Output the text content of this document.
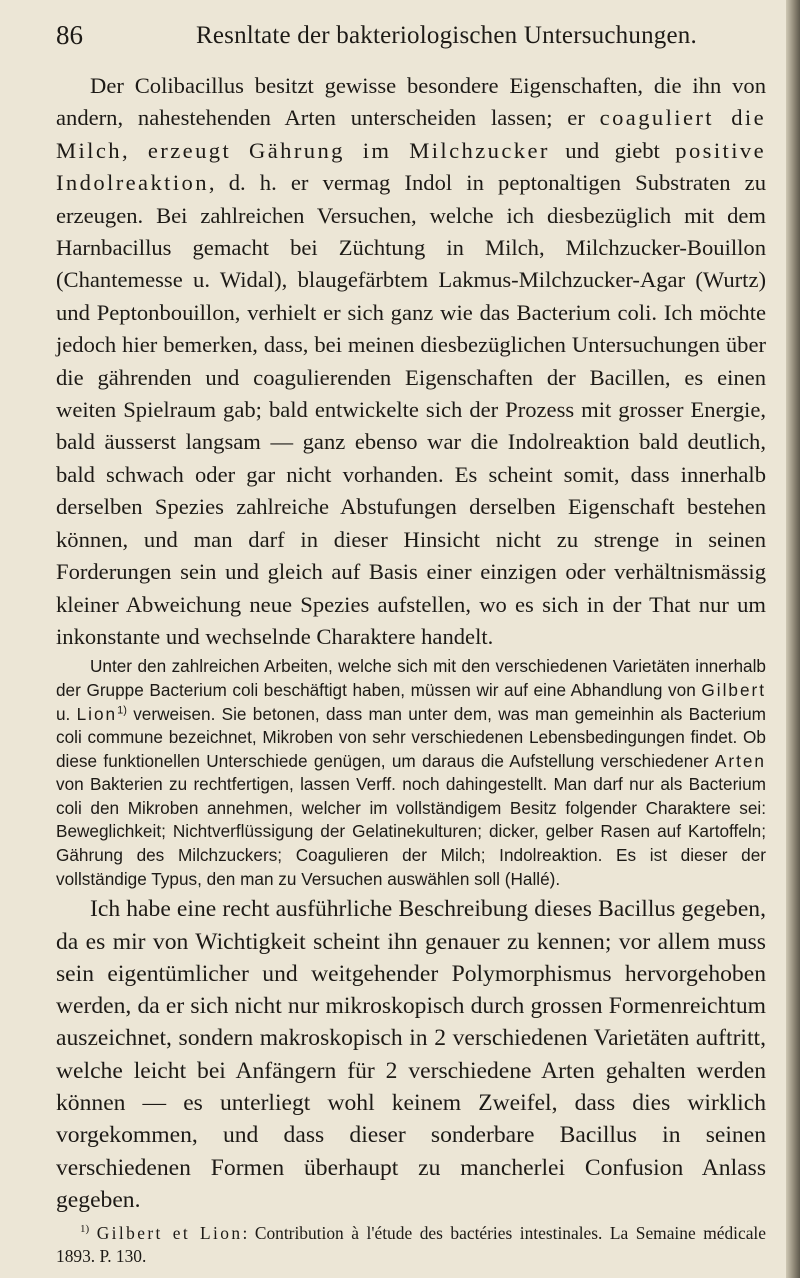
86	Resnltate der bakteriologischen Untersuchungen.

Der Colibacillus besitzt gewisse besondere Eigenschaften, die ihn von andern, nahestehenden Arten unterscheiden lassen; er coaguliert die Milch, erzeugt Gährung im Milchzucker und giebt positive Indolreaktion, d. h. er vermag Indol in peptonaltigen Substraten zu erzeugen. Bei zahlreichen Versuchen, welche ich diesbezüglich mit dem Harnbacillus gemacht bei Züchtung in Milch, Milchzucker-Bouillon (Chantemesse u. Widal), blaugefärbtem Lakmus-Milchzucker-Agar (Wurtz) und Peptonbouillon, verhielt er sich ganz wie das Bacterium coli. Ich möchte jedoch hier bemerken, dass, bei meinen diesbezüglichen Untersuchungen über die gährenden und coagulierenden Eigenschaften der Bacillen, es einen weiten Spielraum gab; bald entwickelte sich der Prozess mit grosser Energie, bald äusserst langsam — ganz ebenso war die Indolreaktion bald deutlich, bald schwach oder gar nicht vorhanden. Es scheint somit, dass innerhalb derselben Spezies zahlreiche Abstufungen derselben Eigenschaft bestehen können, und man darf in dieser Hinsicht nicht zu strenge in seinen Forderungen sein und gleich auf Basis einer einzigen oder verhältnismässig kleiner Abweichung neue Spezies aufstellen, wo es sich in der That nur um inkonstante und wechselnde Charaktere handelt.

Unter den zahlreichen Arbeiten, welche sich mit den verschiedenen Varietäten innerhalb der Gruppe Bacterium coli beschäftigt haben, müssen wir auf eine Abhandlung von Gilbert u. Lion$^{1)}$ verweisen. Sie betonen, dass man unter dem, was man gemeinhin als Bacterium coli commune bezeichnet, Mikroben von sehr verschiedenen Lebensbedingungen findet. Ob diese funktionellen Unterschiede genügen, um daraus die Aufstellung verschiedener Arten von Bakterien zu rechtfertigen, lassen Verff. noch dahingestellt. Man darf nur als Bacterium coli den Mikroben annehmen, welcher im vollständigem Besitz folgender Charaktere sei: Beweglichkeit; Nichtverflüssigung der Gelatinekulturen; dicker, gelber Rasen auf Kartoffeln; Gährung des Milchzuckers; Coagulieren der Milch; Indolreaktion. Es ist dieser der vollständige Typus, den man zu Versuchen auswählen soll (Hallé).

Ich habe eine recht ausführliche Beschreibung dieses Bacillus gegeben, da es mir von Wichtigkeit scheint ihn genauer zu kennen; vor allem muss sein eigentümlicher und weitgehender Polymorphismus hervorgehoben werden, da er sich nicht nur mikroskopisch durch grossen Formenreichtum auszeichnet, sondern makroskopisch in 2 verschiedenen Varietäten auftritt, welche leicht bei Anfängern für 2 verschiedene Arten gehalten werden können — es unterliegt wohl keinem Zweifel, dass dies wirklich vorgekommen, und dass dieser sonderbare Bacillus in seinen verschiedenen Formen überhaupt zu mancherlei Confusion Anlass gegeben.

$^{1)}$ Gilbert et Lion: Contribution à l'étude des bactéries intestinales. La Semaine médicale 1893. P. 130.
